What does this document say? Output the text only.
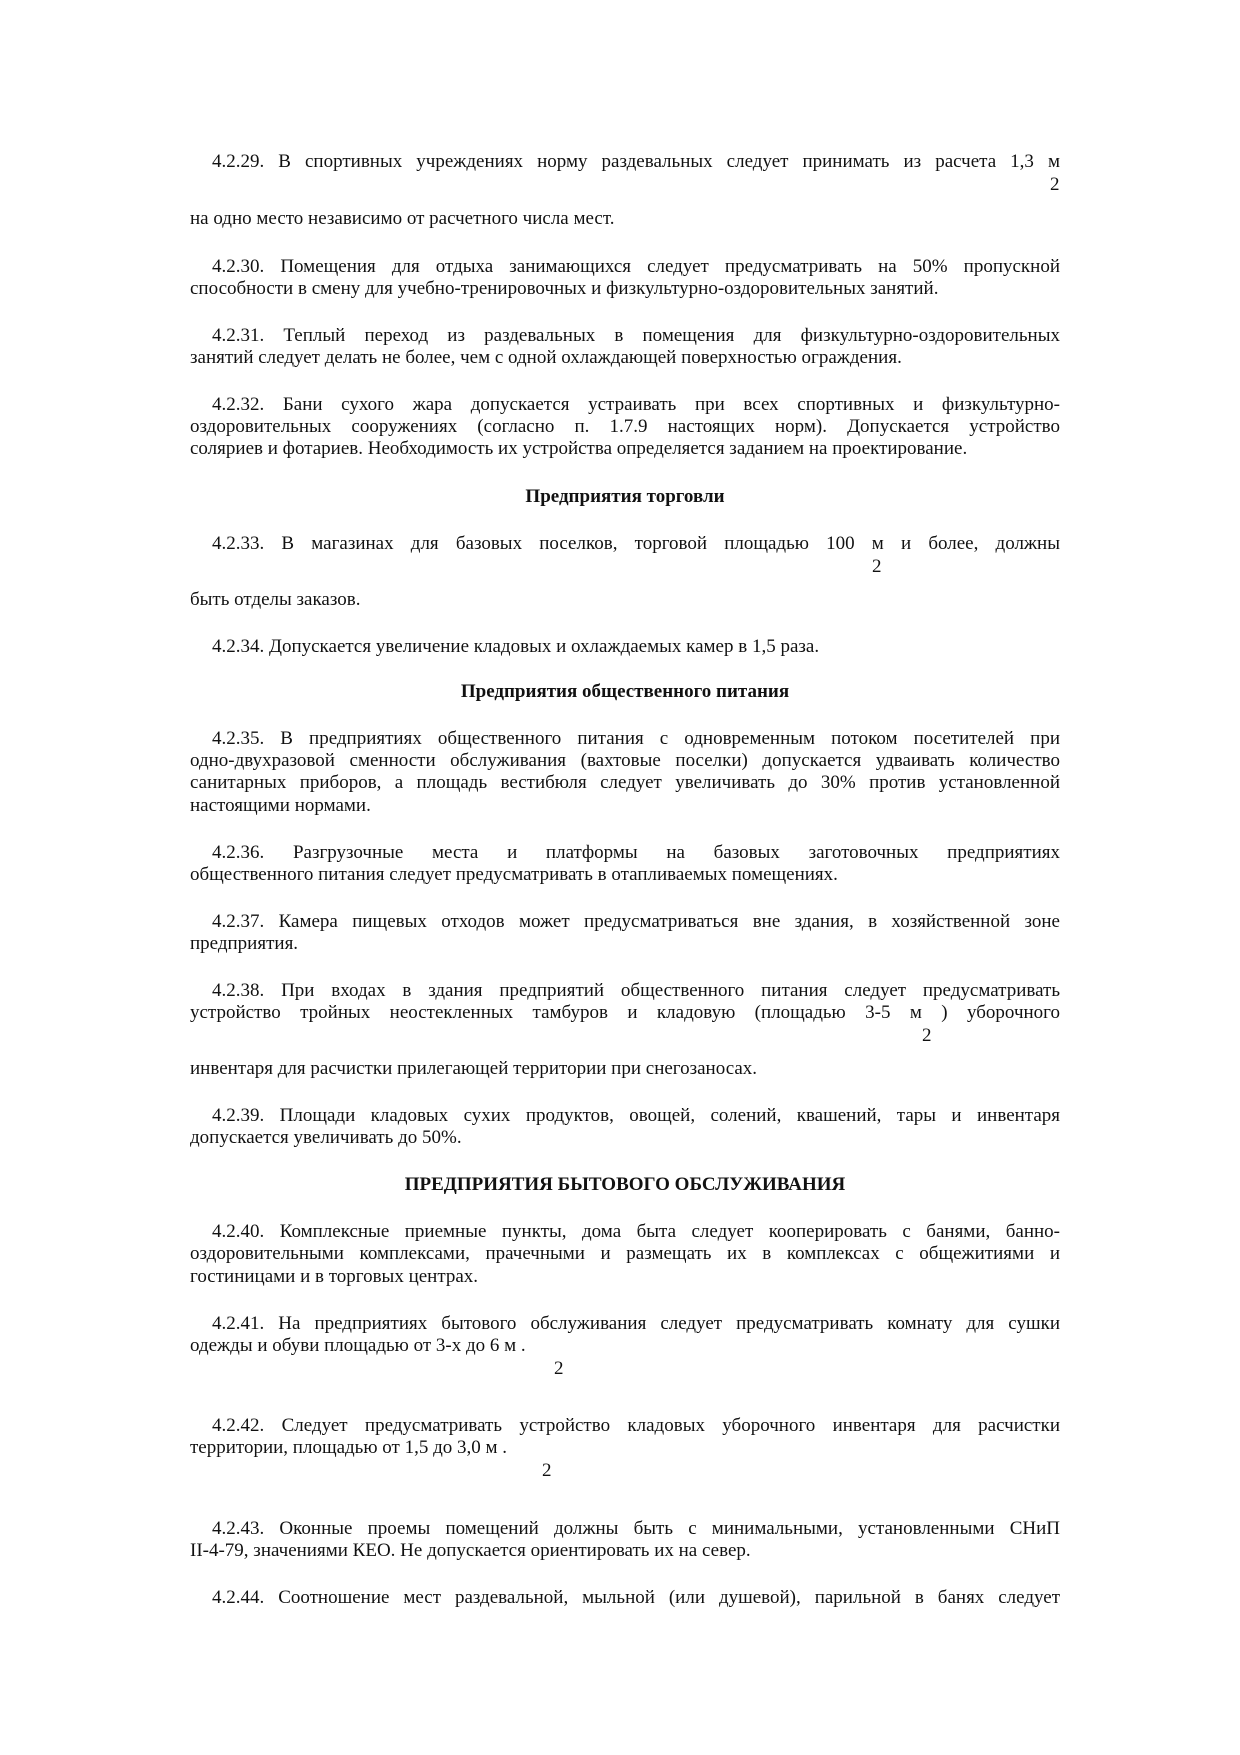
4.2.29. В спортивных учреждениях норму раздевальных следует принимать из расчета 1,3 м
2
на одно место независимо от расчетного числа мест.
4.2.30. Помещения для отдыха занимающихся следует предусматривать на 50% пропускной
способности в смену для учебно-тренировочных и физкультурно-оздоровительных занятий.
4.2.31. Теплый переход из раздевальных в помещения для физкультурно-оздоровительных
занятий следует делать не более, чем с одной охлаждающей поверхностью ограждения.
4.2.32. Бани сухого жара допускается устраивать при всех спортивных и физкультурно-
оздоровительных сооружениях (согласно п. 1.7.9 настоящих норм). Допускается устройство
соляриев и фотариев. Необходимость их устройства определяется заданием на проектирование.
Предприятия торговли
4.2.33. В магазинах для базовых поселков, торговой площадью 100 м и более, должны
2
быть отделы заказов.
4.2.34. Допускается увеличение кладовых и охлаждаемых камер в 1,5 раза.
Предприятия общественного питания
4.2.35. В предприятиях общественного питания с одновременным потоком посетителей при
одно-двухразовой сменности обслуживания (вахтовые поселки) допускается удваивать количество
санитарных приборов, а площадь вестибюля следует увеличивать до 30% против установленной
настоящими нормами.
4.2.36. Разгрузочные места и платформы на базовых заготовочных предприятиях
общественного питания следует предусматривать в отапливаемых помещениях.
4.2.37. Камера пищевых отходов может предусматриваться вне здания, в хозяйственной зоне
предприятия.
4.2.38. При входах в здания предприятий общественного питания следует предусматривать
устройство тройных неостекленных тамбуров и кладовую (площадью 3-5 м ) уборочного
2
инвентаря для расчистки прилегающей территории при снегозаносах.
4.2.39. Площади кладовых сухих продуктов, овощей, солений, квашений, тары и инвентаря
допускается увеличивать до 50%.
ПРЕДПРИЯТИЯ БЫТОВОГО ОБСЛУЖИВАНИЯ
4.2.40. Комплексные приемные пункты, дома быта следует кооперировать с банями, банно-
оздоровительными комплексами, прачечными и размещать их в комплексах с общежитиями и
гостиницами и в торговых центрах.
4.2.41. На предприятиях бытового обслуживания следует предусматривать комнату для сушки
одежды и обуви площадью от 3-х до 6 м .
2
4.2.42. Следует предусматривать устройство кладовых уборочного инвентаря для расчистки
территории, площадью от 1,5 до 3,0 м .
2
4.2.43. Оконные проемы помещений должны быть с минимальными, установленными СНиП
II-4-79, значениями КЕО. Не допускается ориентировать их на север.
4.2.44. Соотношение мест раздевальной, мыльной (или душевой), парильной в банях следует
